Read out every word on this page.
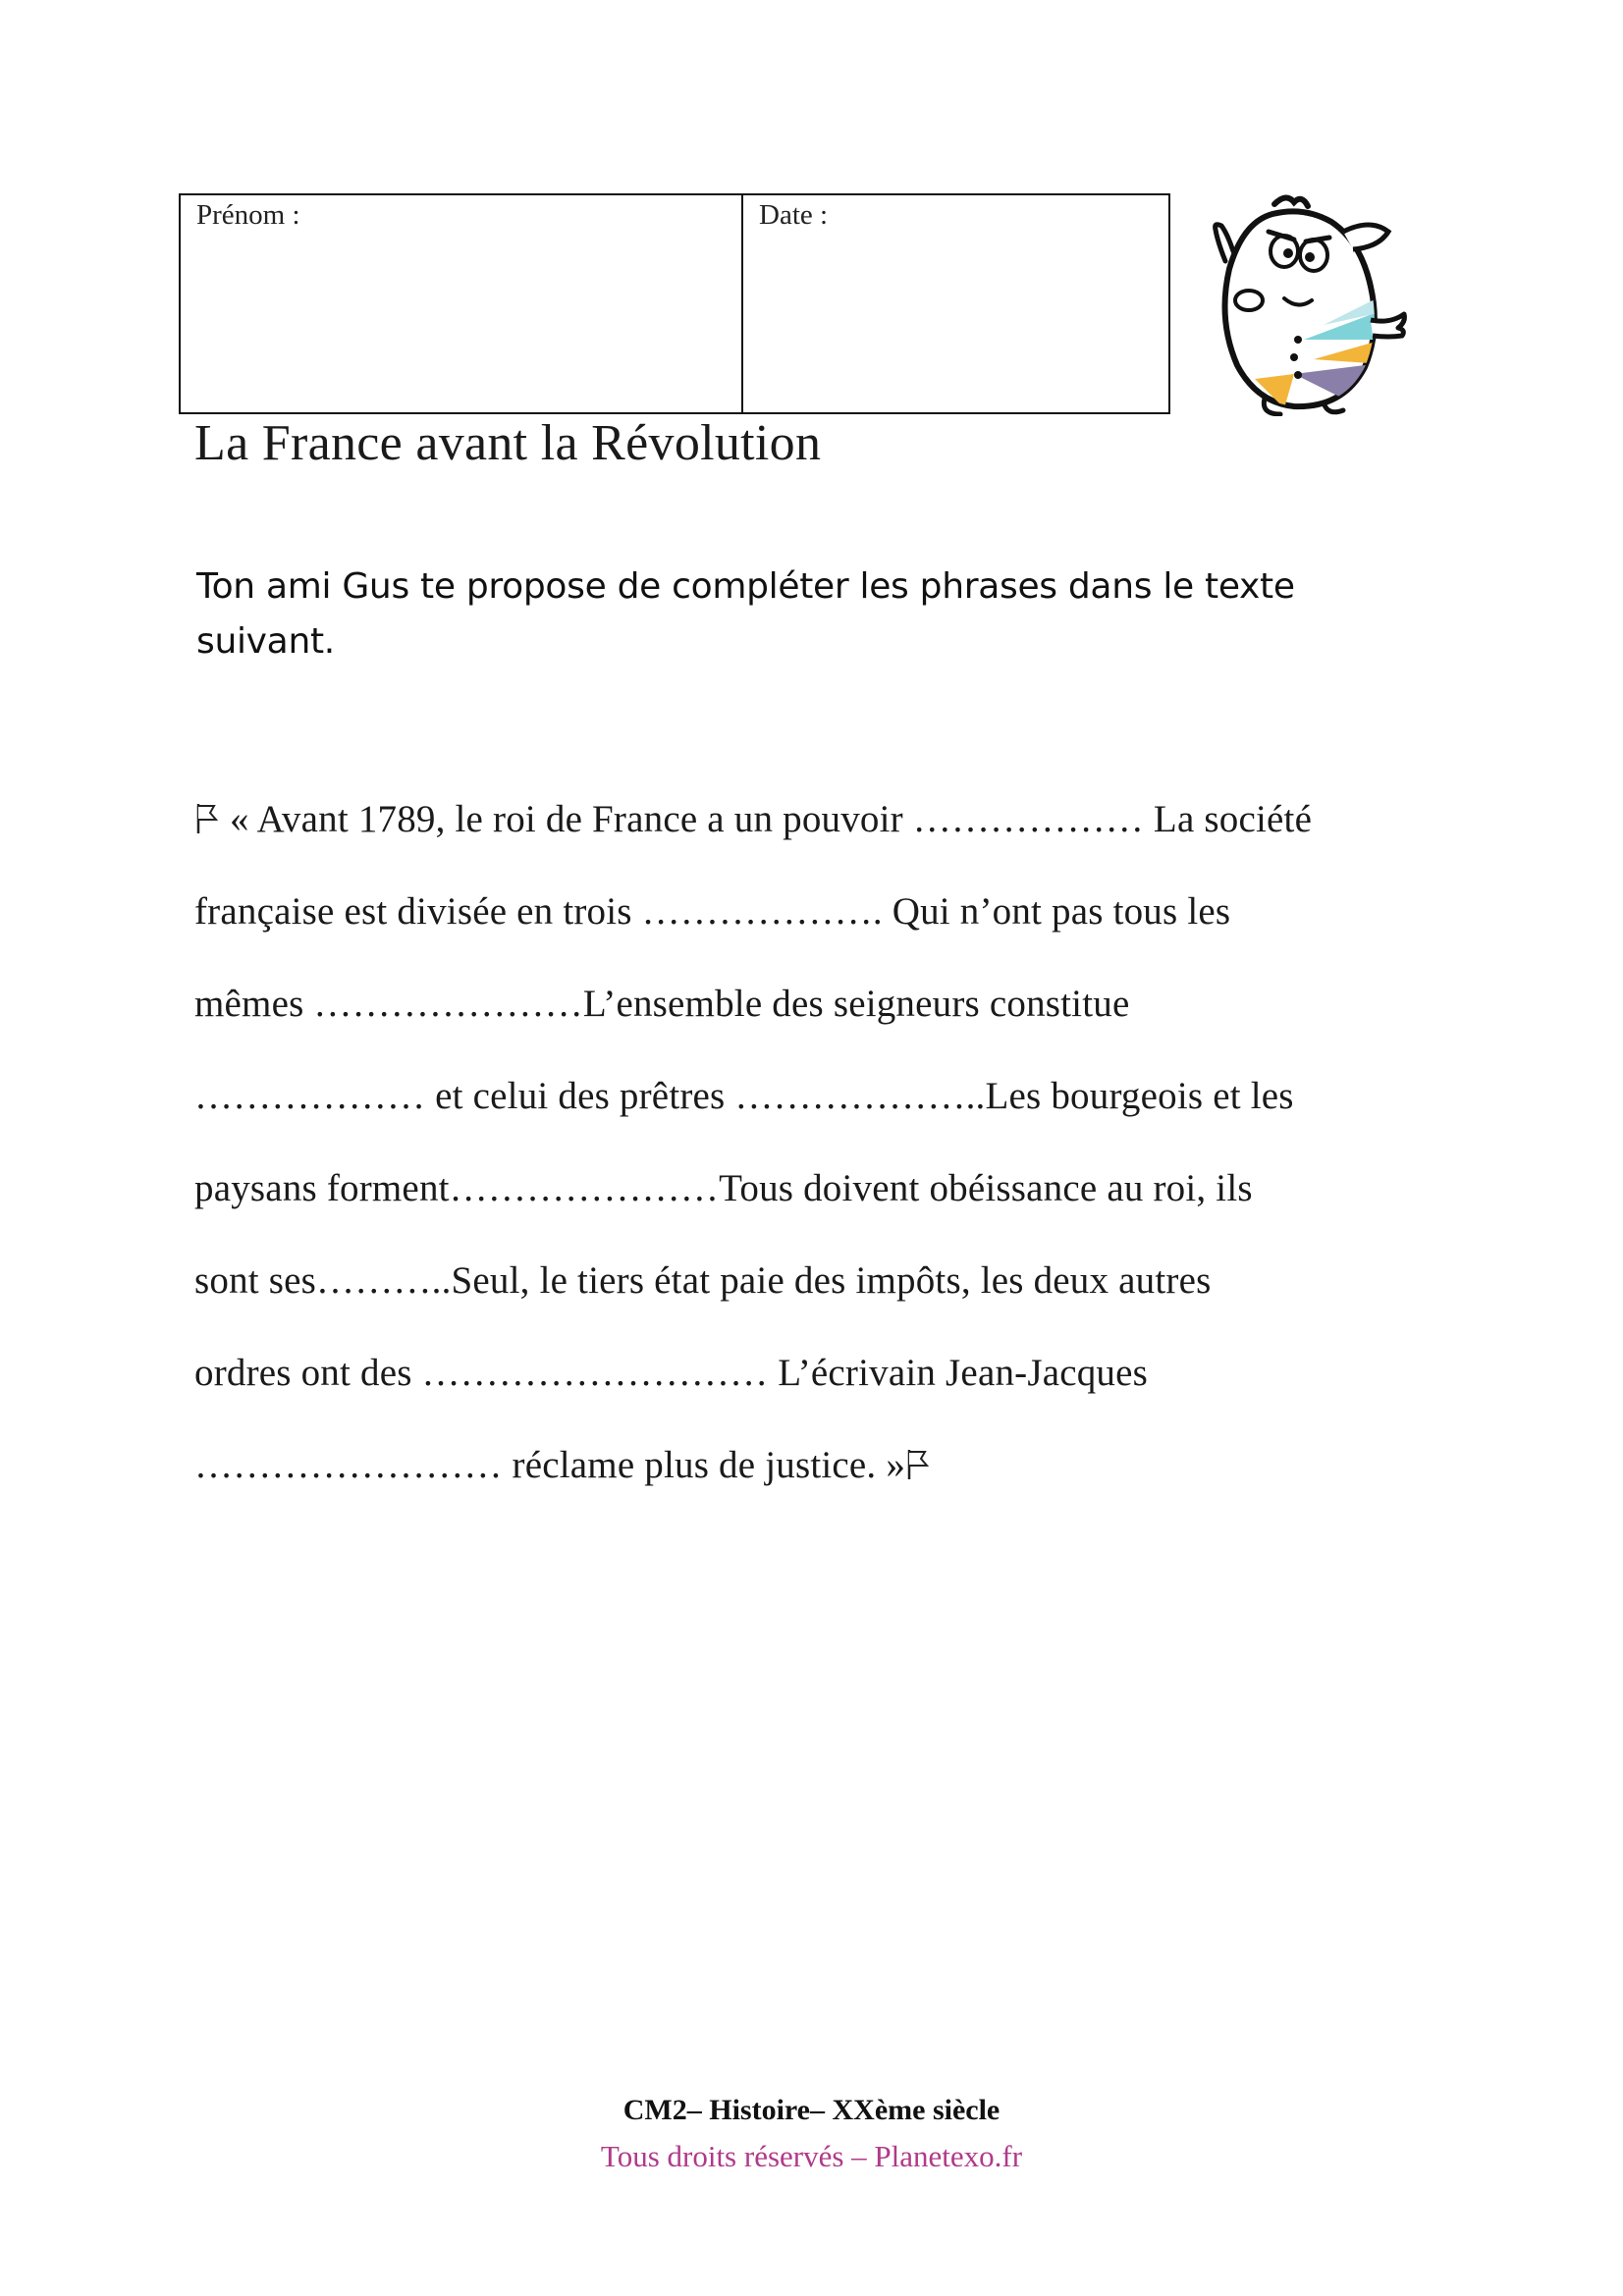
Prénom :	Date :
La France avant la Révolution

Ton ami Gus te propose de compléter les phrases dans le texte suivant.

« Avant 1789, le roi de France a un pouvoir ……………… La société
française est divisée en trois ………………. Qui n’ont pas tous les
mêmes …………………L’ensemble des seigneurs constitue
……………… et celui des prêtres ………………..Les bourgeois et les
paysans forment…………………Tous doivent obéissance au roi, ils
sont ses………..Seul, le tiers état paie des impôts, les deux autres
ordres ont des ……………………… L’écrivain Jean-Jacques
…………………… réclame plus de justice. »
CM2– Histoire– XXème siècle
Tous droits réservés – Planetexo.fr
